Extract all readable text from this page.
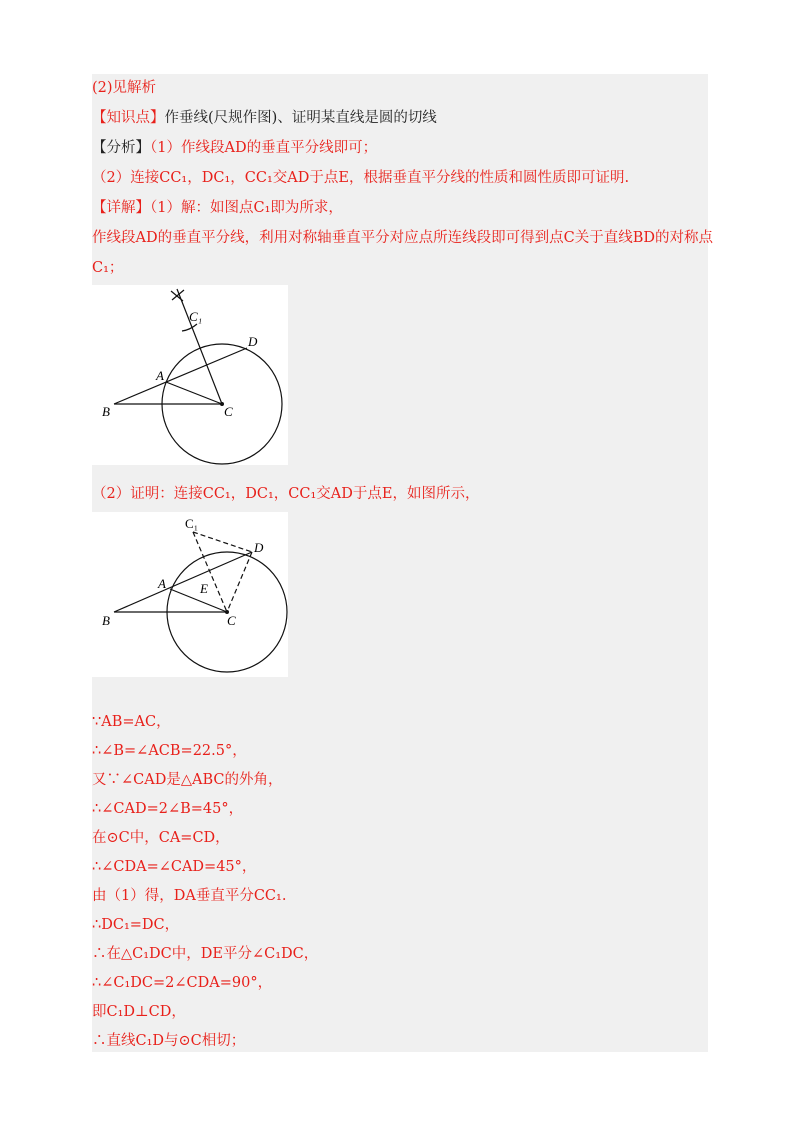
(2)见解析
【知识点】作垂线(尺规作图)、证明某直线是圆的切线
【分析】（1）作线段AD的垂直平分线即可；
（2）连接CC₁，DC₁，CC₁交AD于点E，根据垂直平分线的性质和圆性质即可证明.
【详解】（1）解：如图点C₁即为所求，
作线段AD的垂直平分线，利用对称轴垂直平分对应点所连线段即可得到点C关于直线BD的对称点
C₁；
C₁
D
A
B	C
（2）证明：连接CC₁，DC₁，CC₁交AD于点E，如图所示，
C₁
D
A	E
B	C
∵AB=AC，
∴∠B=∠ACB=22.5°，
又∵∠CAD是△ABC的外角，
∴∠CAD=2∠B=45°，
在⊙C中，CA=CD，
∴∠CDA=∠CAD=45°，
由（1）得，DA垂直平分CC₁.
∴DC₁=DC，
∴在△C₁DC中，DE平分∠C₁DC，
∴∠C₁DC=2∠CDA=90°，
即C₁D⊥CD，
∴直线C₁D与⊙C相切；
